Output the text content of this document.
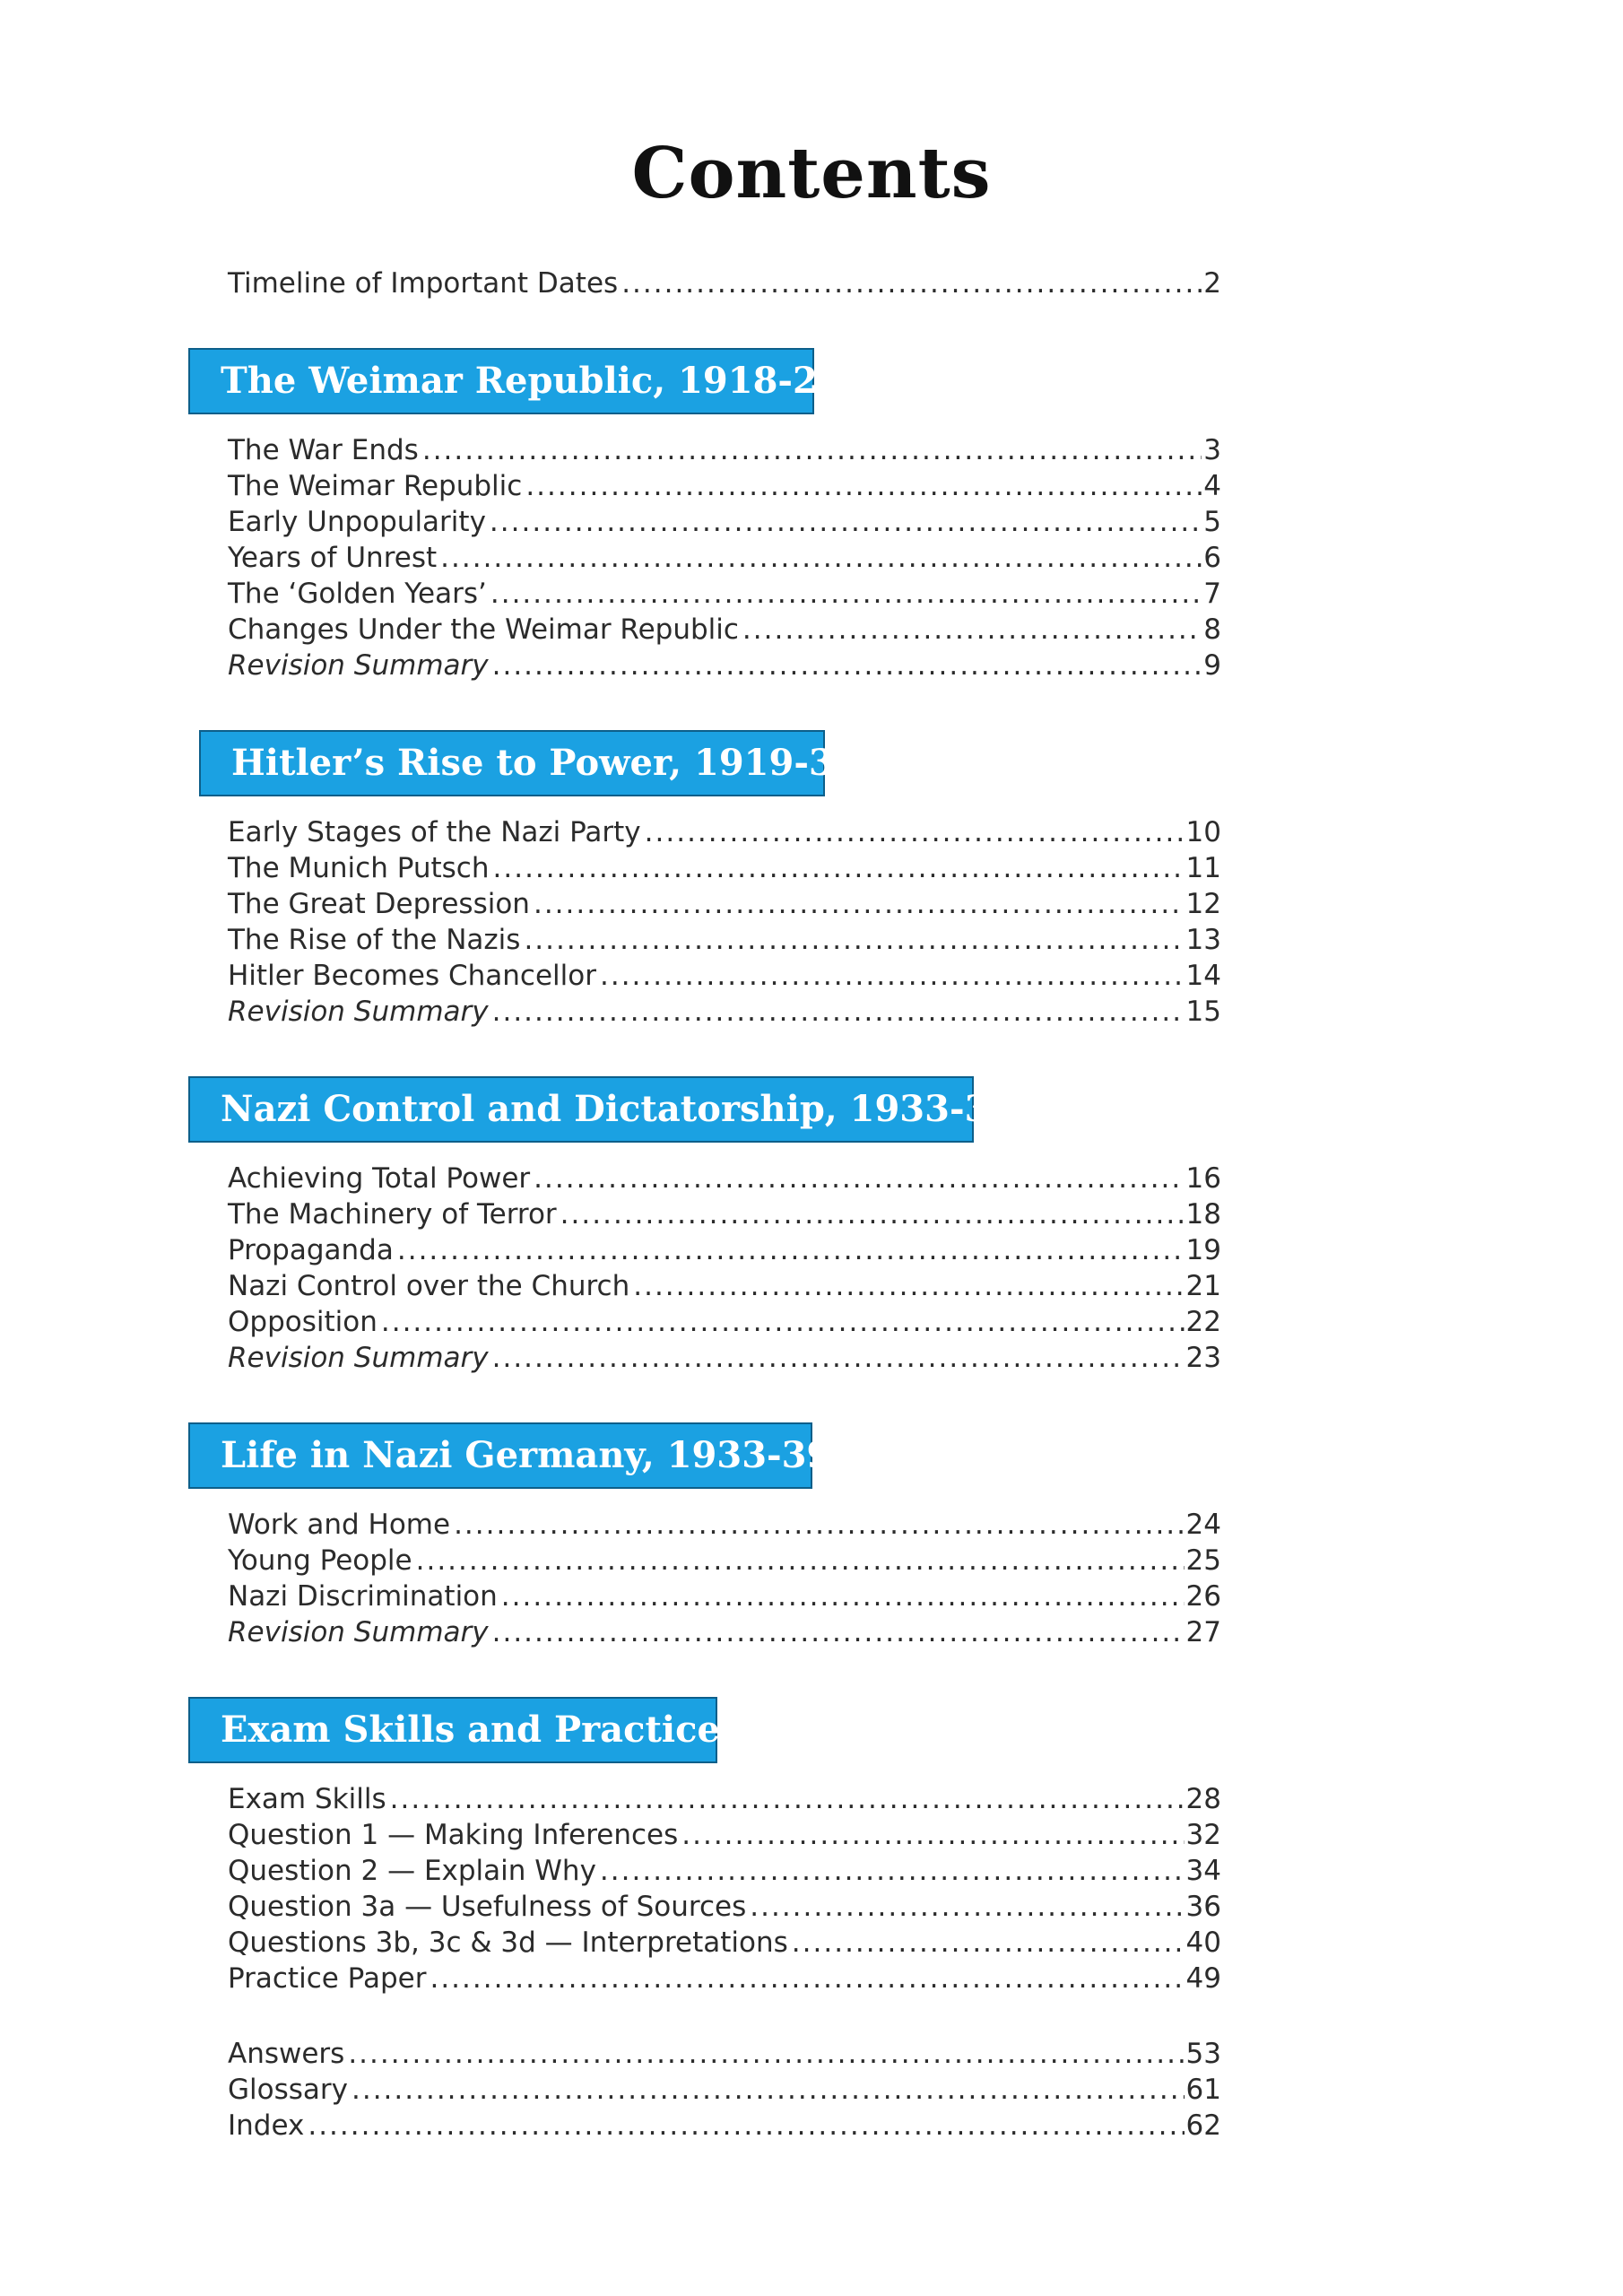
Contents
Timeline of Important Dates .....	2
The Weimar Republic, 1918-29
The War Ends .....	3
The Weimar Republic .....	4
Early Unpopularity .....	5
Years of Unrest .....	6
The ‘Golden Years’ .....	7
Changes Under the Weimar Republic .....	8
Revision Summary .....	9
Hitler’s Rise to Power, 1919-33
Early Stages of the Nazi Party .....	10
The Munich Putsch .....	11
The Great Depression .....	12
The Rise of the Nazis .....	13
Hitler Becomes Chancellor .....	14
Revision Summary .....	15
Nazi Control and Dictatorship, 1933-39
Achieving Total Power .....	16
The Machinery of Terror .....	18
Propaganda .....	19
Nazi Control over the Church .....	21
Opposition .....	22
Revision Summary .....	23
Life in Nazi Germany, 1933-39
Work and Home .....	24
Young People .....	25
Nazi Discrimination .....	26
Revision Summary .....	27
Exam Skills and Practice
Exam Skills .....	28
Question 1 — Making Inferences .....	32
Question 2 — Explain Why .....	34
Question 3a — Usefulness of Sources .....	36
Questions 3b, 3c & 3d — Interpretations .....	40
Practice Paper .....	49
Answers .....	53
Glossary .....	61
Index .....	62
